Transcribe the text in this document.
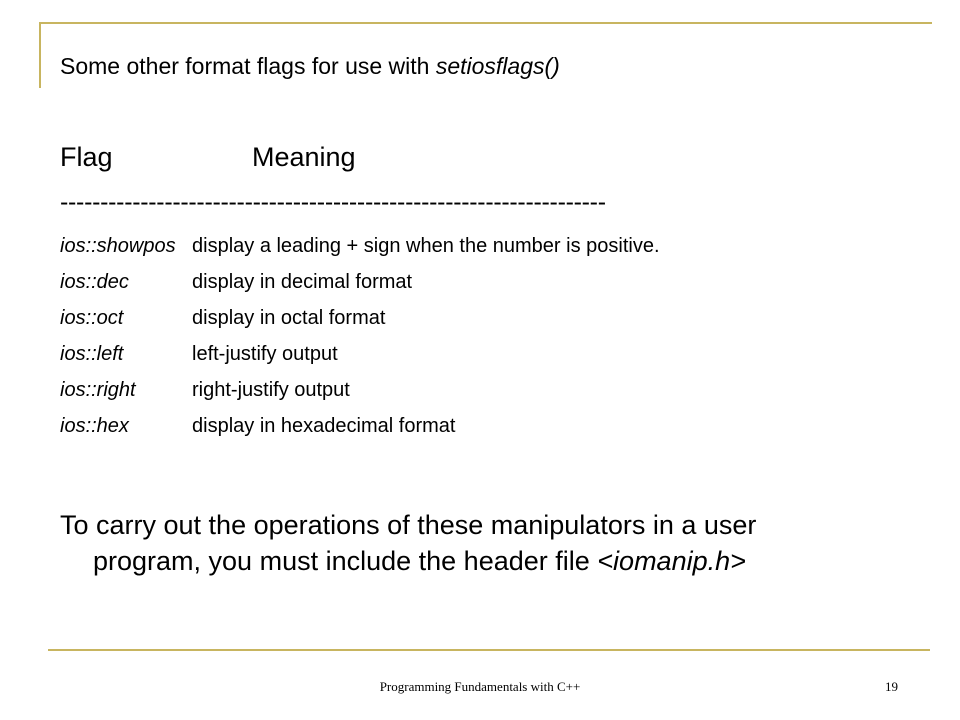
Some other format flags for use with setiosflags()
Flag	Meaning
--------------------------------------------------------------------
ios::showpos display a leading + sign when the number is positive.
ios::dec	display in decimal format
ios::oct	display in octal format
ios::left	left-justify output
ios::right	right-justify output
ios::hex	display in hexadecimal format
To carry out the operations of these manipulators in a user
program, you must include the header file <iomanip.h>
Programming Fundamentals with C++	19
